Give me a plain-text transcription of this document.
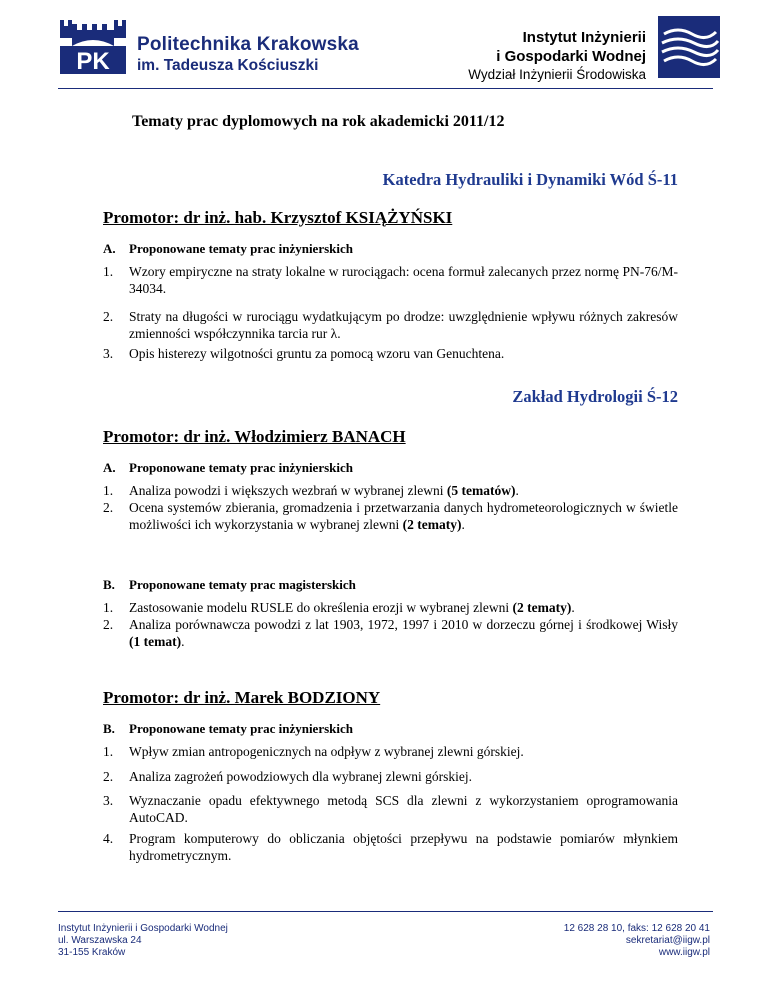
PK
Politechnika Krakowska
im. Tadeusza Kościuszki
Instytut Inżynierii
i Gospodarki Wodnej
Wydział Inżynierii Środowiska
Tematy prac dyplomowych na rok akademicki 2011/12
Katedra Hydrauliki i Dynamiki Wód Ś-11
Promotor: dr inż. hab. Krzysztof KSIĄŻYŃSKI
A. Proponowane tematy prac inżynierskich
1. Wzory empiryczne na straty lokalne w rurociągach: ocena formuł zalecanych przez normę PN-76/M-34034.
2. Straty na długości w rurociągu wydatkującym po drodze: uwzględnienie wpływu różnych zakresów zmienności współczynnika tarcia rur λ.
3. Opis histerezy wilgotności gruntu za pomocą wzoru van Genuchtena.
Zakład Hydrologii Ś-12
Promotor: dr inż. Włodzimierz BANACH
A. Proponowane tematy prac inżynierskich
1. Analiza powodzi i większych wezbrań w wybranej zlewni (5 tematów).
2. Ocena systemów zbierania, gromadzenia i przetwarzania danych hydrometeorologicznych w świetle możliwości ich wykorzystania w wybranej zlewni (2 tematy).
B. Proponowane tematy prac magisterskich
1. Zastosowanie modelu RUSLE do określenia erozji w wybranej zlewni (2 tematy).
2. Analiza porównawcza powodzi z lat 1903, 1972, 1997 i 2010 w dorzeczu górnej i środkowej Wisły (1 temat).
Promotor: dr inż. Marek BODZIONY
B. Proponowane tematy prac inżynierskich
1. Wpływ zmian antropogenicznych na odpływ z wybranej zlewni górskiej.
2. Analiza zagrożeń powodziowych dla wybranej zlewni górskiej.
3. Wyznaczanie opadu efektywnego metodą SCS dla zlewni z wykorzystaniem oprogramowania AutoCAD.
4. Program komputerowy do obliczania objętości przepływu na podstawie pomiarów młynkiem hydrometrycznym.
Instytut Inżynierii i Gospodarki Wodnej
ul. Warszawska 24
31-155 Kraków
12 628 28 10, faks: 12 628 20 41
sekretariat@iigw.pl
www.iigw.pl
